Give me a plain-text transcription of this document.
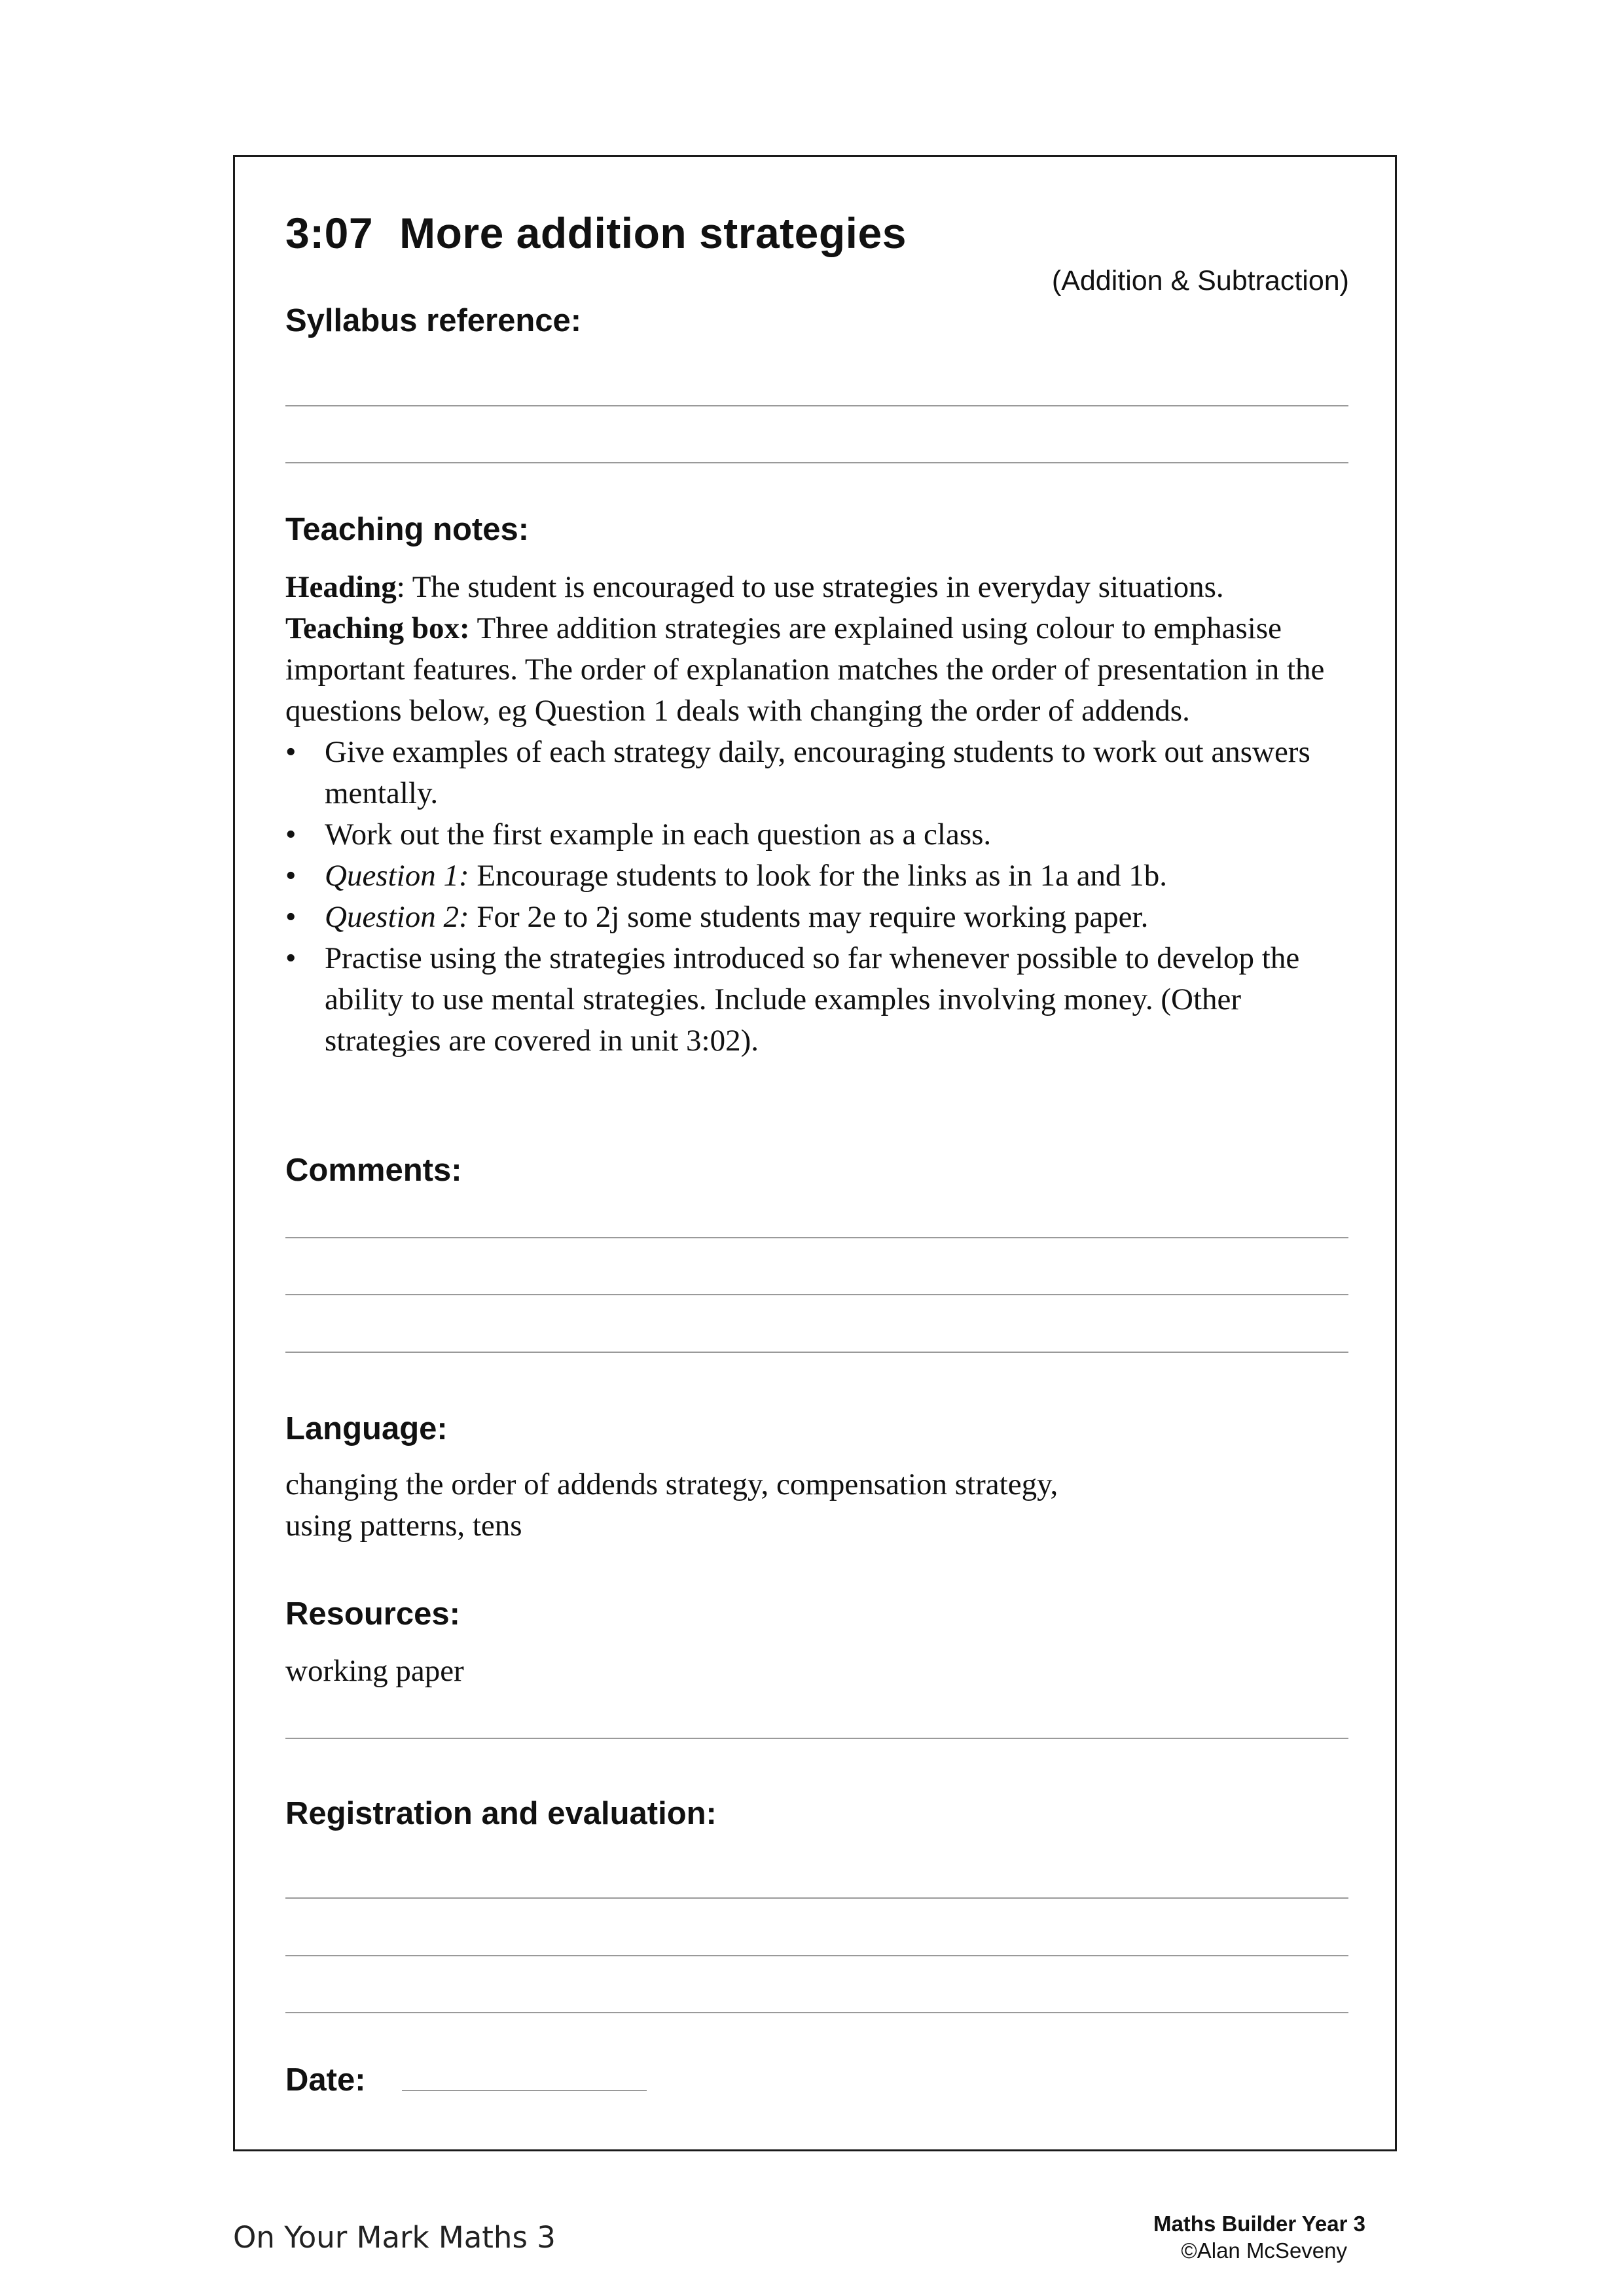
3:07 More addition strategies
(Addition & Subtraction)
Syllabus reference:
Teaching notes:

Heading: The student is encouraged to use strategies in everyday situations.

Teaching box: Three addition strategies are explained using colour to emphasise important features. The order of explanation matches the order of presentation in the questions below, eg Question 1 deals with changing the order of addends.

• Give examples of each strategy daily, encouraging students to work out answers mentally.
• Work out the first example in each question as a class.
• Question 1: Encourage students to look for the links as in 1a and 1b.
• Question 2: For 2e to 2j some students may require working paper.
• Practise using the strategies introduced so far whenever possible to develop the ability to use mental strategies. Include examples involving money. (Other strategies are covered in unit 3:02).
Comments:
Language:
changing the order of addends strategy, compensation strategy,
using patterns, tens
Resources:
working paper
Registration and evaluation:
Date:
On Your Mark Maths 3	Maths Builder Year 3
©Alan McSeveny
